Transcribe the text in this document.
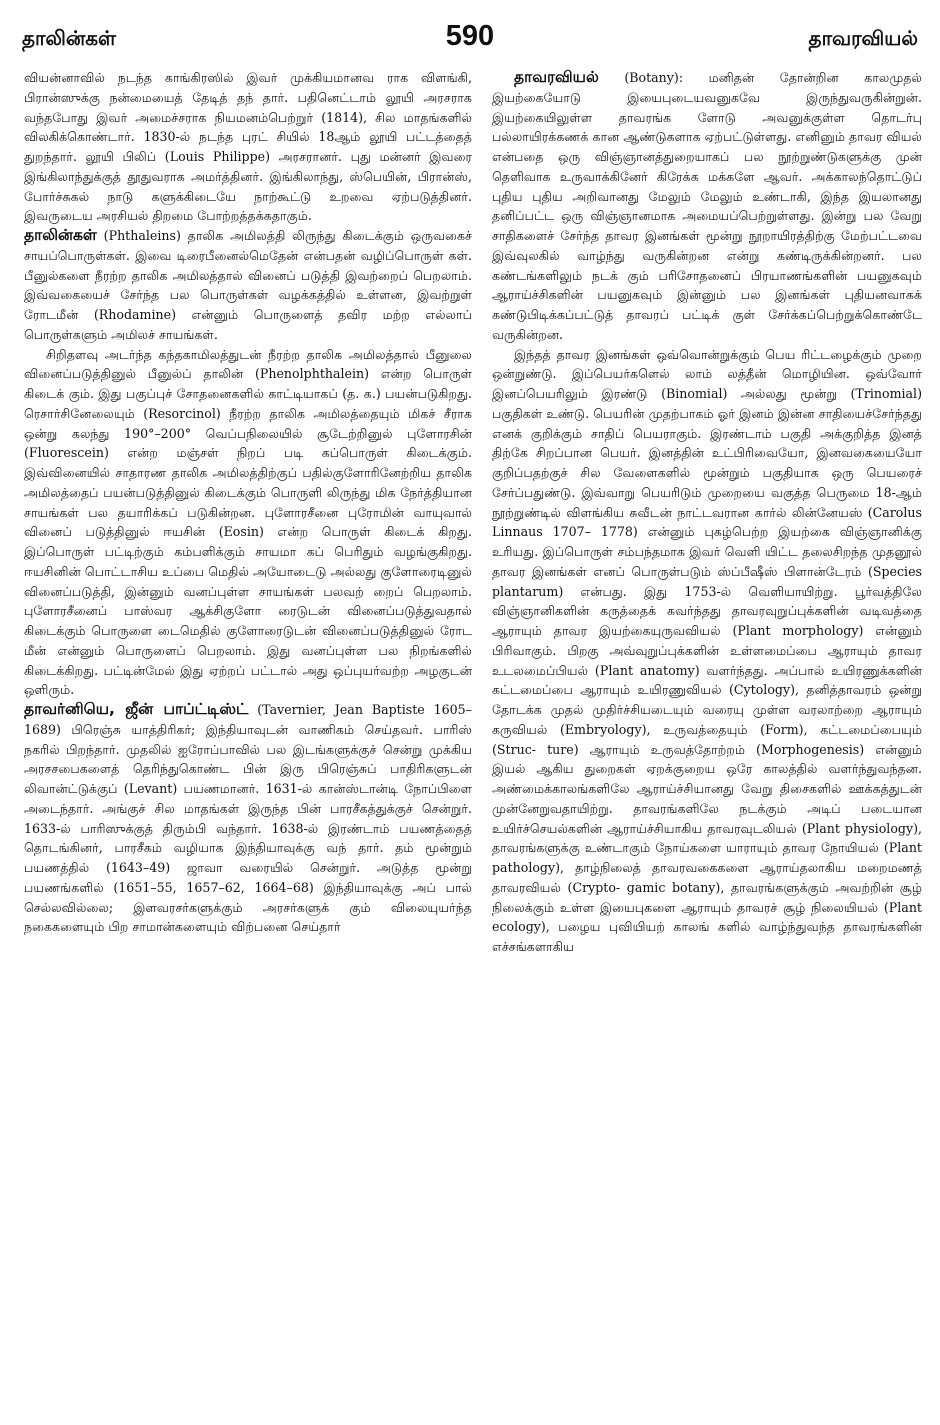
தாலின்கள்	590	தாவரவியல்

வியன்னாவில் நடந்த காங்கிரஸில் இவர் முக்கியமானவ ராக விளங்கி, பிரான்ஸுக்கு நன்மையைத் தேடித் தந் தார். பதினெட்டாம் லூயி அரசராக வந்தபோது இவர் அமைச்சராக நியமனம்பெற்றுர் (1814), சில மாதங்களில் விலகிக்கொண்டார். 1830-ல் நடந்த புரட் சியில் 18ஆம் லூயி பட்டத்தைத் துறந்தார். லூயி பிலிப் (Louis Philippe) அரசரானர். புது மன்னர் இவரை இங்கிலாந்துக்குத் தூதுவராக அமர்த்தினர். இங்கிலாந்து, ஸ்பெயின், பிரான்ஸ், போர்ச்சுகல் நாடு களுக்கிடையே நாற்கூட்டு உறவை ஏற்படுத்தினர். இவருடைய அரசியல் திறமை போற்றத்தக்கதாகும்.

தாலின்கள் (Phthaleins) தாலிக அமிலத்தி லிருந்து கிடைக்கும் ஒருவகைச் சாயப்பொருள்கள். இவை டிரைபீனைல்மெதேன் என்பதன் வழிப்பொருள் கள். பீனுல்களை நீரற்ற தாலிக அமிலத்தால் வினைப் படுத்தி இவற்றைப் பெறலாம். இவ்வகையைச் சேர்ந்த பல பொருள்கள் வழக்கத்தில் உள்ளன, இவற்றுள் ரோடமீன் (Rhodamine) என்னும் பொருளைத் தவிர மற்ற எல்லாப் பொருள்களும் அமிலச் சாயங்கள்.

சிறிதளவு அடர்ந்த கந்தகாமிலத்துடன் நீரற்ற தாலிக அமிலத்தால் பீனுலை வினைப்படுத்தினுல் பீனுல்ப் தாலின் (Phenolphthalein) என்ற பொருள் கிடைக் கும். இது பகுப்புச் சோதனைகளில் காட்டியாகப் (த. க.) பயன்படுகிறது. ரெசார்சினேலையும் (Resorcinol) நீரற்ற தாலிக அமிலத்தையும் மிகச் சீராக ஒன்று கலந்து 190°–200° வெப்பநிலையில் சூடேற்றினுல் புளோரசின் (Fluorescein) என்ற மஞ்சள் நிறப் படி கப்பொருள் கிடைக்கும். இவ்வினையில் சாதாரண தாலிக அமிலத்திற்குப் பதில்குளோரினேற்றிய தாலிக அமிலத்தைப் பயன்படுத்தினுல் கிடைக்கும் பொருளி லிருந்து மிக நேர்த்தியான சாயங்கள் பல தயாரிக்கப் படுகின்றன. புளோரசீனை புரோமின் வாயுவால் வினைப் படுத்தினுல் ஈயசின் (Eosin) என்ற பொருள் கிடைக் கிறது. இப்பொருள் பட்டிற்கும் கம்பளிக்கும் சாயமா கப் பெரிதும் வழங்குகிறது. ஈயசினின் பொட்டாசிய உப்பை மெதில் அயோடைடு அல்லது குளோரைடினுல் வினைப்படுத்தி, இன்னும் வனப்புள்ள சாயங்கள் பலவற் றைப் பெறலாம். புளோரசீனைப் பாஸ்வர ஆக்சிகுளோ ரைடுடன் வினைப்படுத்துவதால் கிடைக்கும் பொருளை டைமெதில் குளோரைடுடன் வினைப்படுத்தினுல் ரோட மீன் என்னும் பொருளைப் பெறலாம். இது வனப்புள்ள பல நிறங்களில் கிடைக்கிறது. பட்டின்மேல் இது ஏற்றப் பட்டால் அது ஒப்புயர்வற்ற அழகுடன் ஒளிரும்.

தாவர்னியெ, ஜீன் பாப்ட்டிஸ்ட் (Tavernier, Jean Baptiste 1605–1689) பிரெஞ்சு யாத்திரிகர்; இந்தியாவுடன் வாணிகம் செய்தவர். பாரிஸ் நகரில் பிறந்தார். முதலில் ஐரோப்பாவில் பல இடங்களுக்குச் சென்று முக்கிய அரசசபைகளைத் தெரிந்துகொண்ட பின் இரு பிரெஞ்சுப் பாதிரிகளுடன் லிவான்ட்டுக்குப் (Levant) பயணமானர். 1631-ல் கான்ஸ்டான்டி நோப்பிளை அடைந்தார். அங்குச் சில மாதங்கள் இருந்த பின் பாரசீகத்துக்குச் சென்றுர். 1633-ல் பாரிஸுக்குத் திரும்பி வந்தார். 1638-ல் இரண்டாம் பயணத்தைத் தொடங்கினர், பாரசீகம் வழியாக இந்தியாவுக்கு வந் தார். தம் மூன்றும் பயணத்தில் (1643–49) ஜாவா வரையில் சென்றுர். அடுத்த மூன்று பயணங்களில் (1651–55, 1657–62, 1664–68) இந்தியாவுக்கு அப் பால் செல்லவில்லை; இளவரசர்களுக்கும் அரசர்களுக் கும் விலையுயர்ந்த நகைகளையும் பிற சாமான்களையும் விற்பனை செய்தார்

தாவரவியல் (Botany): மனிதன் தோன்றின காலமுதல் இயற்கையோடு இயைபுடையவனுகவே இருந்துவருகின்றுன். இயற்கையிலுள்ள தாவரங்க ளோடு அவனுக்குள்ள தொடர்பு பல்லாயிரக்கணக் கான ஆண்டுகளாக ஏற்பட்டுள்ளது. எனினும் தாவர வியல் என்பதை ஒரு விஞ்ஞானத்துறையாகப் பல நூற்றுண்டுகளுக்கு முன் தெளிவாக உருவாக்கினேர் கிரேக்க மக்களே ஆவர். அக்காலந்தொட்டுப் புதிய புதிய அறிவானது மேலும் மேலும் உண்டாகி, இந்த இயலானது தனிப்பட்ட ஒரு விஞ்ஞானமாக அமையப்பெற்றுள்ளது. இன்று பல வேறு சாதிகளைச் சேர்ந்த தாவர இனங்கள் மூன்று நூறாயிரத்திற்கு மேற்பட்டவை இவ்வுலகில் வாழ்ந்து வருகின்றன என்று கண்டிருக்கின்றனர். பல கண்டங்களிலும் நடக் கும் பரிசோதனைப் பிரயாணங்களின் பயனுகவும் ஆராய்ச்சிகளின் பயனுகவும் இன்னும் பல இனங்கள் புதியனவாகக் கண்டுபிடிக்கப்பட்டுத் தாவரப் பட்டிக் குள் சேர்க்கப்பெற்றுக்கொண்டே வருகின்றன.

இந்தத் தாவர இனங்கள் ஒவ்வொன்றுக்கும் பெய ரிட்டழைக்கும் முறை ஒன்றுண்டு. இப்பெயர்களெல் லாம் லத்தீன் மொழியின. ஒவ்வோர் இனப்பெயரிலும் இரண்டு (Binomial) அல்லது மூன்று (Trinomial) பகுதிகள் உண்டு. பெயரின் முதற்பாகம் ஓர் இனம் இன்ன சாதியைச்சேர்ந்தது எனக் குறிக்கும் சாதிப் பெயராகும். இரண்டாம் பகுதி அக்குறித்த இனத் திற்கே சிறப்பான பெயர். இனத்தின் உட்பிரிவையோ, இனவகையையோ குறிப்பதற்குச் சில வேளைகளில் மூன்றும் பகுதியாக ஒரு பெயரைச் சேர்ப்பதுண்டு. இவ்வாறு பெயரிடும் முறையை வகுத்த பெருமை 18-ஆம் நூற்றுண்டில் விளங்கிய சுவீடன் நாட்டவரான கார்ல் லின்னேயஸ் (Carolus Linnaus 1707– 1778) என்னும் புகழ்பெற்ற இயற்கை விஞ்ஞானிக்கு உரியது. இப்பொருள் சம்பந்தமாக இவர் வெளி யிட்ட தலைசிறந்த முதனூல் தாவர இனங்கள் எனப் பொருள்படும் ஸ்ப்பீஷீஸ் பிளான்டேரம் (Species plantarum) என்பது. இது 1753-ல் வெளியாயிற்று. பூர்வத்திலே விஞ்ஞானிகளின் கருத்தைக் கவர்ந்தது தாவரவுறுப்புக்களின் வடிவத்தை ஆராயும் தாவர இயற்கையுருவவியல் (Plant morphology) என்னும் பிரிவாகும். பிறகு அவ்வுறுப்புக்களின் உள்ளமைப்பை ஆராயும் தாவர உடலமைப்பியல் (Plant anatomy) வளர்ந்தது. அப்பால் உயிரணுக்களின் கட்டமைப்பை ஆராயும் உயிரணுவியல் (Cytology), தனித்தாவரம் ஒன்று தோடக்க முதல் முதிர்ச்சியடையும் வரையு முள்ள வரலாற்றை ஆராயும் கருவியல் (Embryology), உருவத்தையும் (Form), கட்டமைப்பையும் (Struc- ture) ஆராயும் உருவத்தோற்றம் (Morphogenesis) என்னும் இயல் ஆகிய துறைகள் ஏறக்குறைய ஒரே காலத்தில் வளர்ந்துவந்தன. அண்மைக்காலங்களிலே ஆராய்ச்சியானது வேறு திசைகளில் ஊக்கத்துடன் முன்னேறுவதாயிற்று. தாவரங்களிலே நடக்கும் அடிப் படையான உயிர்ச்செயல்களின் ஆராய்ச்சியாகிய தாவரவுடலியல் (Plant physiology), தாவரங்களுக்கு உண்டாகும் நோய்களை யாராயும் தாவர நோயியல் (Plant pathology), தாழ்நிலைத் தாவரவகைகளை ஆராய்தலாகிய மறைமணத் தாவரவியல் (Crypto- gamic botany), தாவரங்களுக்கும் அவற்றின் சூழ் நிலைக்கும் உள்ள இயைபுகளை ஆராயும் தாவரச் சூழ் நிலையியல் (Plant ecology), பழைய புவியியற் காலங் களில் வாழ்ந்துவந்த தாவரங்களின் எச்சங்களாகிய
